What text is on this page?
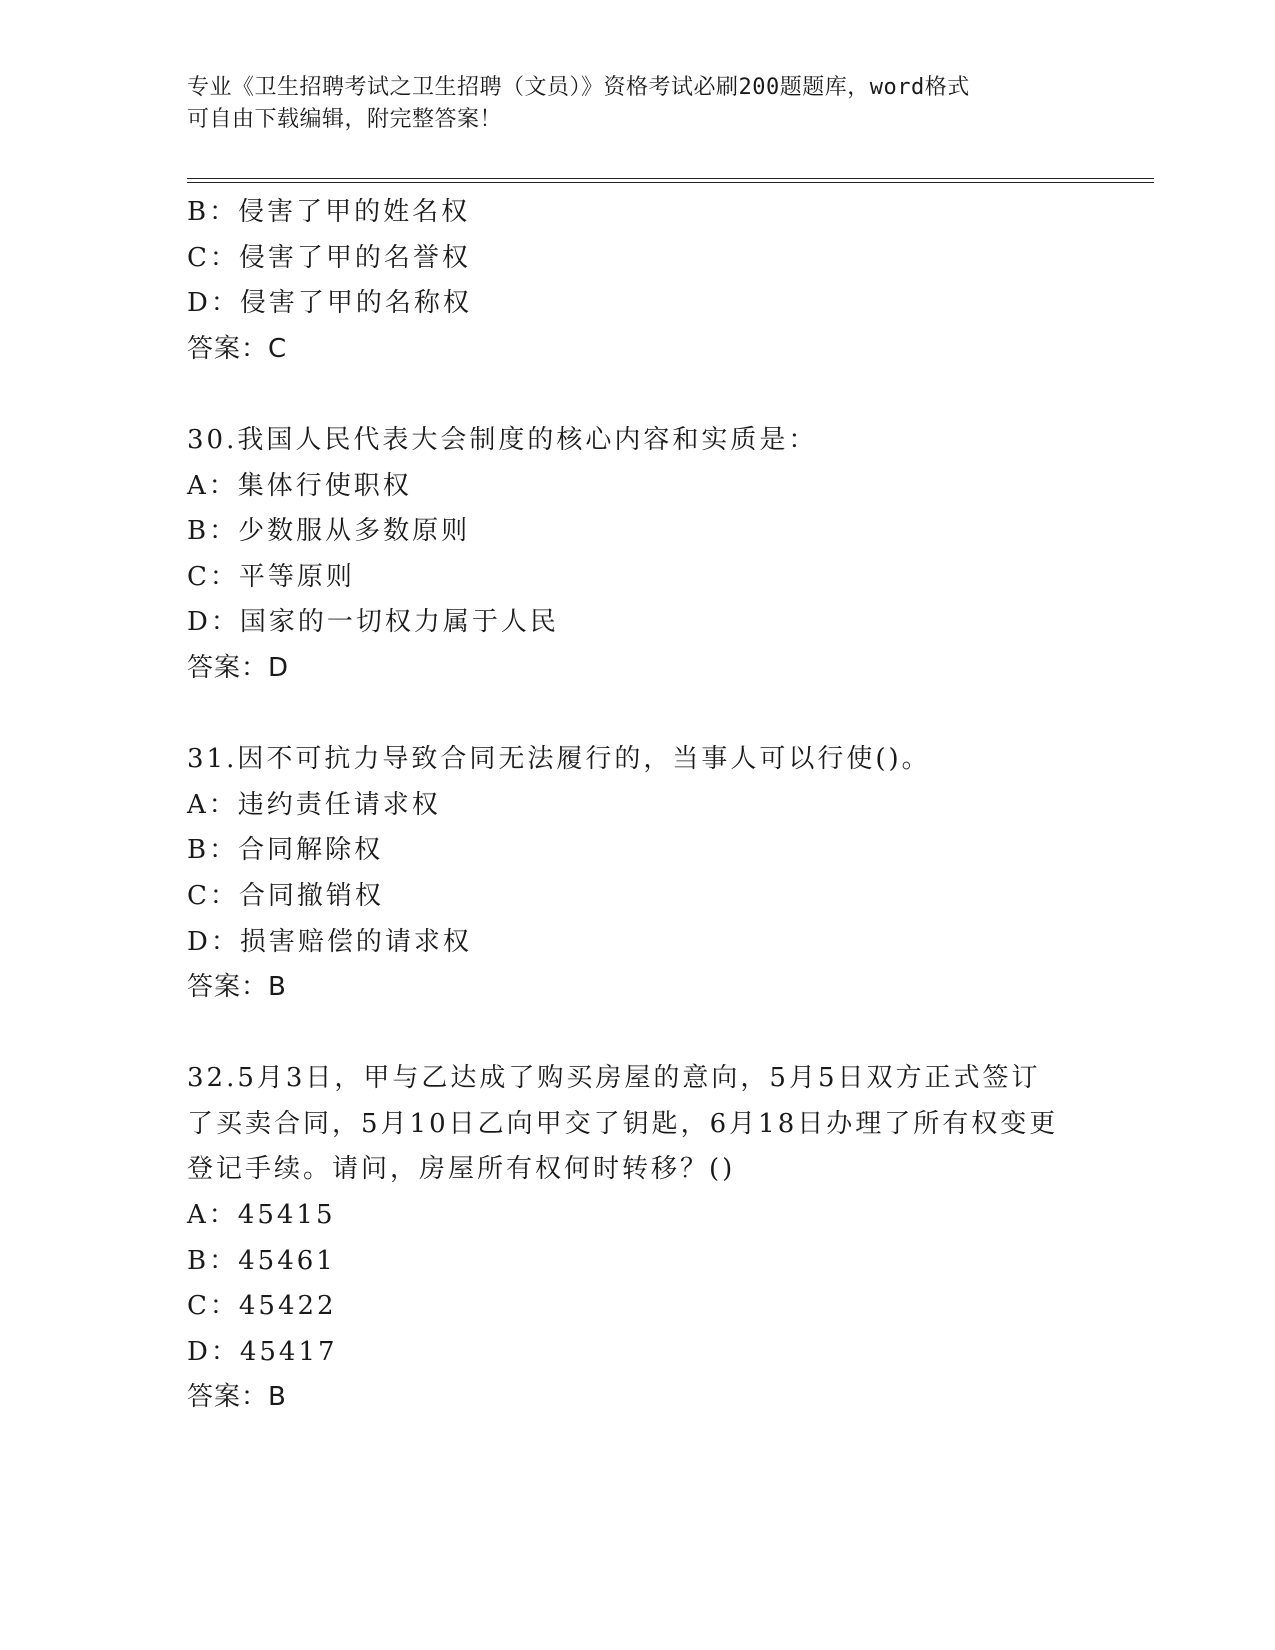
专业《卫生招聘考试之卫生招聘（文员）》资格考试必刷200题题库，word格式
可自由下载编辑，附完整答案！
B：侵害了甲的姓名权
C：侵害了甲的名誉权
D：侵害了甲的名称权
答案：C
30.我国人民代表大会制度的核心内容和实质是：
A：集体行使职权
B：少数服从多数原则
C：平等原则
D：国家的一切权力属于人民
答案：D
31.因不可抗力导致合同无法履行的，当事人可以行使()。
A：违约责任请求权
B：合同解除权
C：合同撤销权
D：损害赔偿的请求权
答案：B
32.5月3日，甲与乙达成了购买房屋的意向，5月5日双方正式签订
了买卖合同，5月10日乙向甲交了钥匙，6月18日办理了所有权变更
登记手续。请问，房屋所有权何时转移？()
A：45415
B：45461
C：45422
D：45417
答案：B
